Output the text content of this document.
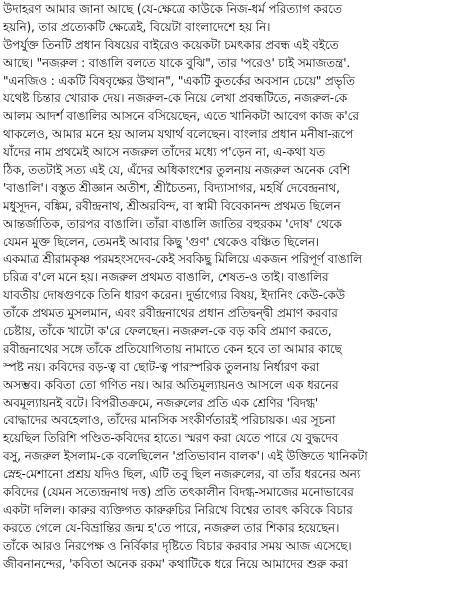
উদাহরণ আমার জানা আছে (যে-ক্ষেত্রে কাউকে নিজ-ধর্ম পরিত্যাগ করতে
হয়নি), তার প্রত্যেকটি ক্ষেত্রেই, বিয়েটা বাংলাদেশে হয় নি।
উপর্যুক্ত তিনটি প্রধান বিষয়ের বাইরেও কয়েকটা চমৎকার প্রবন্ধ এই বইতে
আছে। "নজরুল : বাঙালি বলতে যাকে বুঝি", তার 'পরেও' চাই সমাজতন্ত্র'.
"এনজিও : একটি বিষবৃক্ষের উত্থান", "একটি কুতর্কের অবসান চেয়ে" প্রভৃতি
যথেষ্ট চিন্তার খোরাক দেয়। নজরুল-কে নিয়ে লেখা প্রবন্ধটিতে, নজরুল-কে
আলম আদর্শ বাঙালির আসনে বসিয়েছেন, এতে খানিকটা আবেগ কাজ ক'রে
থাকলেও, আমার মনে হয় আলম যথার্থ বলেছেন। বাংলার প্রধান মনীষা-রূপে
যাঁদের নাম প্রথমেই আসে নজরুল তাঁদের মধ্যে প'ড়েন না, এ-কথা যত
ঠিক, ততটাই সত্য এই যে, এঁদের অধিকাংশের তুলনায় নজরুল অনেক বেশি
'বাঙালি'। বস্তুত শ্রীজ্ঞান অতীশ, শ্রীচৈতন্য, বিদ্যাসাগর, মহর্ষি দেবেন্দ্রনাথ,
মধুসূদন, বঙ্কিম, রবীন্দ্রনাথ, শ্রীঅরবিন্দ, বা স্বামী বিবেকানন্দ প্রথমত ছিলেন
আন্তর্জাতিক, তারপর বাঙালি। তাঁরা বাঙালি জাতির বহুরকম 'দোষ' থেকে
যেমন মুক্ত ছিলেন, তেমনই আবার কিছু 'গুণ' থেকেও বঞ্চিত ছিলেন।
একমাত্র শ্রীরামকৃষ্ণ পরমহংসদেব-কেই সবকিছু মিলিয়ে একজন পরিপূর্ণ বাঙালি
চরিত্র ব'লে মনে হয়। নজরুল প্রথমত বাঙালি, শেষত-ও তাই। বাঙালির
যাবতীয় দোষগুণকে তিনি ধারণ করেন। দুর্ভাগ্যের বিষয়, ইদানিং কেউ-কেউ
তাঁকে প্রথমত মুসলমান, এবং রবীন্দ্রনাথের প্রধান প্রতিদ্বন্দ্বী প্রমাণ করবার
চেষ্টায়, তাঁকে খাটো ক'রে ফেলছেন। নজরুল-কে বড় কবি প্রমাণ করতে,
রবীন্দ্রনাথের সঙ্গে তাঁকে প্রতিযোগিতায় নামাতে কেন হবে তা আমার কাছে
স্পষ্ট নয়। কবিদের বড়-ত্ব বা ছোট-ত্ব পারস্পরিক তুলনায় নির্ধারণ করা
অসম্ভব। কবিতা তো গণিত নয়। আর অতিমূল্যায়নও আসলে এক ধরনের
অবমূল্যায়নই বটে। বিপরীতক্রমে, নজরুলের প্রতি এক শ্রেণির 'বিদগ্ধ'
বোদ্ধাদের অবহেলাও, তাঁদের মানসিক সংকীর্ণতারই পরিচায়ক। এর সূচনা
হয়েছিল তিরিশি পণ্ডিত-কবিদের হাতে। স্মরণ করা যেতে পারে যে বুদ্ধদেব
বসু, নজরুল ইসলাম-কে বলেছিলেন 'প্রতিভাবান বালক'। এই উক্তিতে খানিকটা
স্নেহ-মেশানো প্রশ্রয় যদিও ছিল, এটি তবু ছিল নজরুলের, বা তাঁর ধরনের অন্য
কবিদের (যেমন সত্যেন্দ্রনাথ দত্ত) প্রতি তৎকালীন বিদগ্ধ-সমাজের মনোভাবের
একটা দলিল। কারুর ব্যক্তিগত কারুরুচির নিরিখে বিশ্বের তাবৎ কবিকে বিচার
করতে গেলে যে-বিভ্রান্তির জন্ম হ'তে পারে, নজরুল তার শিকার হয়েছেন।
তাঁকে আরও নিরপেক্ষ ও নির্বিকার দৃষ্টিতে বিচার করবার সময় আজ এসেছে।
জীবনানন্দের, 'কবিতা অনেক রকম' কথাটিকে ধরে নিয়ে আমাদের শুরু করা
